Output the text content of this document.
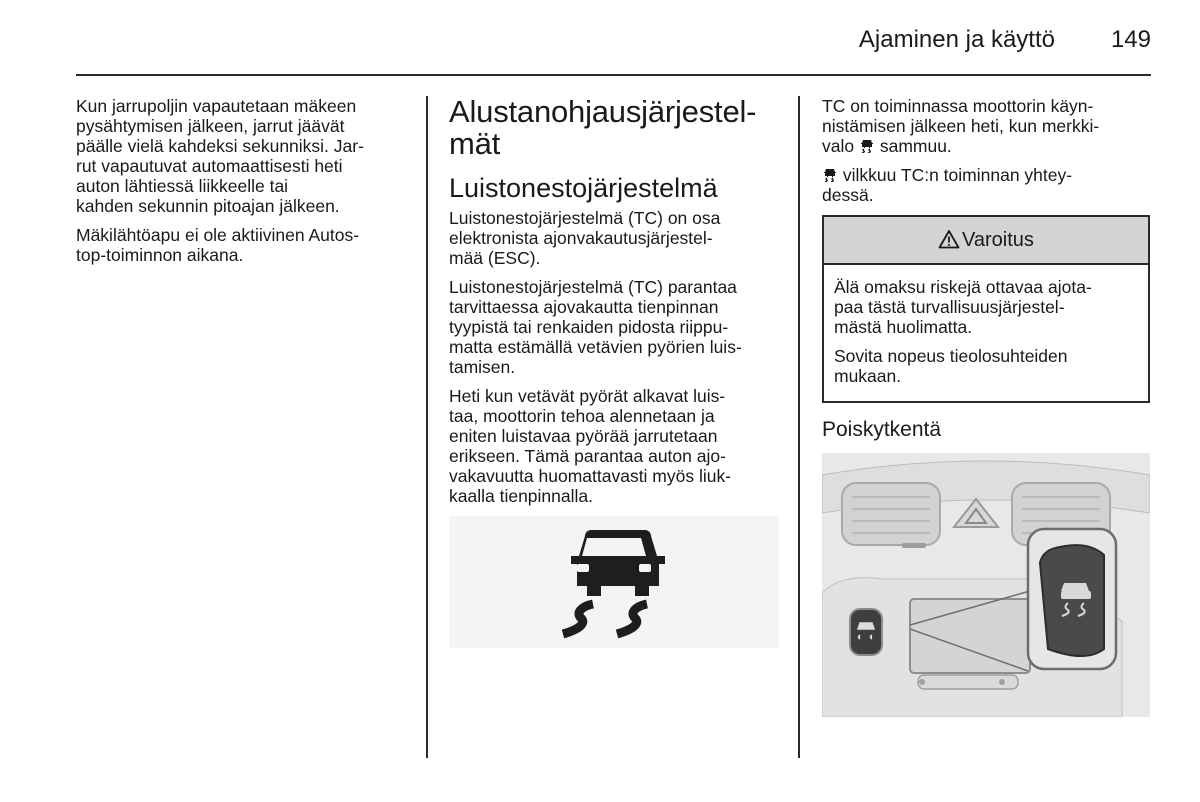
Ajaminen ja käyttö 149

Kun jarrupoljin vapautetaan mäkeen
pysähtymisen jälkeen, jarrut jäävät
päälle vielä kahdeksi sekunniksi. Jar-
rut vapautuvat automaattisesti heti
auton lähtiessä liikkeelle tai
kahden sekunnin pitoajan jälkeen.

Mäkilähtöapu ei ole aktiivinen Autos-
top-toiminnon aikana.

Alustanohjausjärjestel-
mät
Luistonestojärjestelmä

Luistonestojärjestelmä (TC) on osa
elektronista ajonvakautusjärjestel-
mää (ESC).

Luistonestojärjestelmä (TC) parantaa
tarvittaessa ajovakautta tienpinnan
tyypistä tai renkaiden pidosta riippu-
matta estämällä vetävien pyörien luis-
tamisen.

Heti kun vetävät pyörät alkavat luis-
taa, moottorin tehoa alennetaan ja
eniten luistavaa pyörää jarrutetaan
erikseen. Tämä parantaa auton ajo-
vakavuutta huomattavasti myös liuk-
kaalla tienpinnalla.

TC on toiminnassa moottorin käyn-
nistämisen jälkeen heti, kun merkki-
valo  sammuu.

vilkkuu TC:n toiminnan yhtey-
dessä.

Varoitus

Älä omaksu riskejä ottavaa ajota-
paa tästä turvallisuusjärjestel-
mästä huolimatta.

Sovita nopeus tieolosuhteiden
mukaan.

Poiskytkentä
